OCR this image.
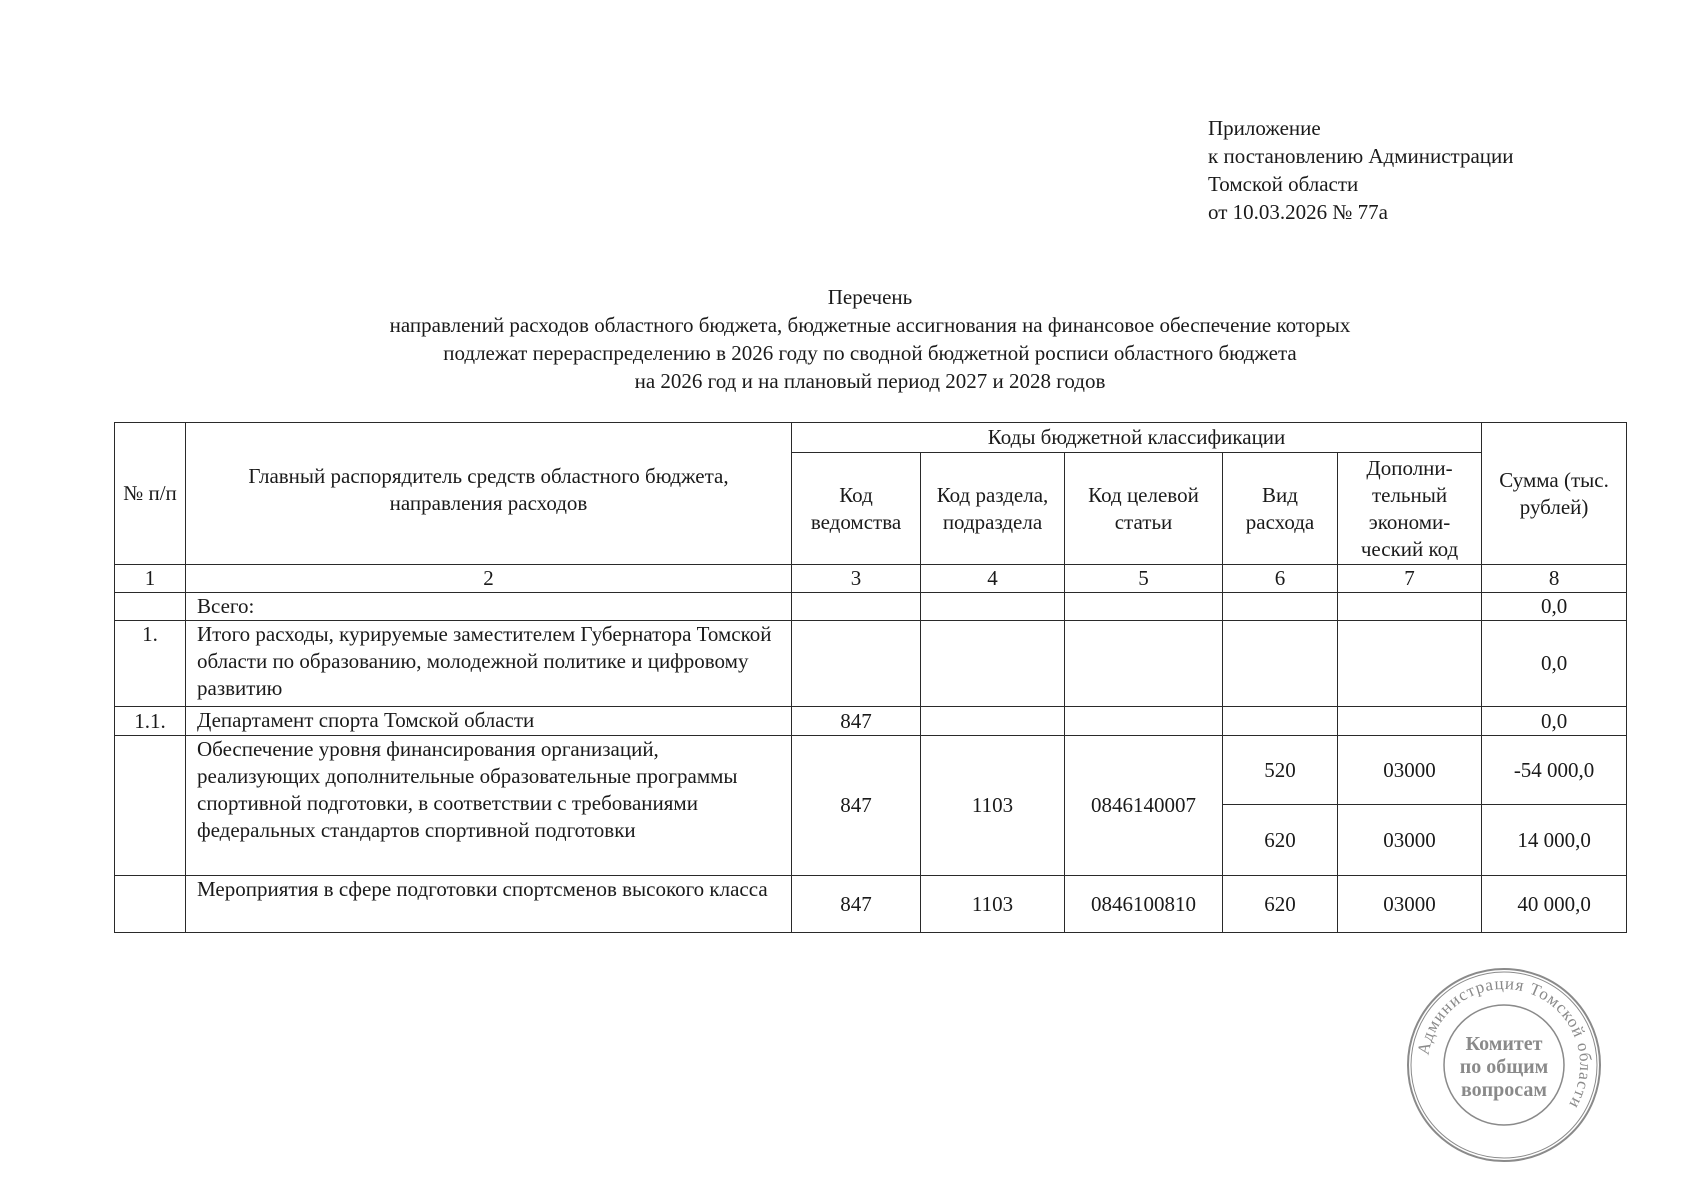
Приложение
к постановлению Администрации
Томской области
от 10.03.2026 № 77а
Перечень
направлений расходов областного бюджета, бюджетные ассигнования на финансовое обеспечение которых
подлежат перераспределению в 2026 году по сводной бюджетной росписи областного бюджета
на 2026 год и на плановый период 2027 и 2028 годов
№ п/п	Главный распорядитель средств областного бюджета, направления расходов	Коды бюджетной классификации					Сумма (тыс. рублей)
		Код ведомства	Код раздела, подраздела	Код целевой статьи	Вид расхода	Дополни-тельный экономи-ческий код	
1	2	3	4	5	6	7	8
	Всего:						0,0
1.	Итого расходы, курируемые заместителем Губернатора Томской области по образованию, молодежной политике и цифровому развитию						0,0
1.1.	Департамент спорта Томской области	847					0,0
	Обеспечение уровня финансирования организаций, реализующих дополнительные образовательные программы спортивной подготовки, в соответствии с требованиями федеральных стандартов спортивной подготовки	847	1103	0846140007	520	03000	-54 000,0
					620	03000	14 000,0
	Мероприятия в сфере подготовки спортсменов высокого класса	847	1103	0846100810	620	03000	40 000,0
Администрация Томской области
Комитет
по общим
вопросам
